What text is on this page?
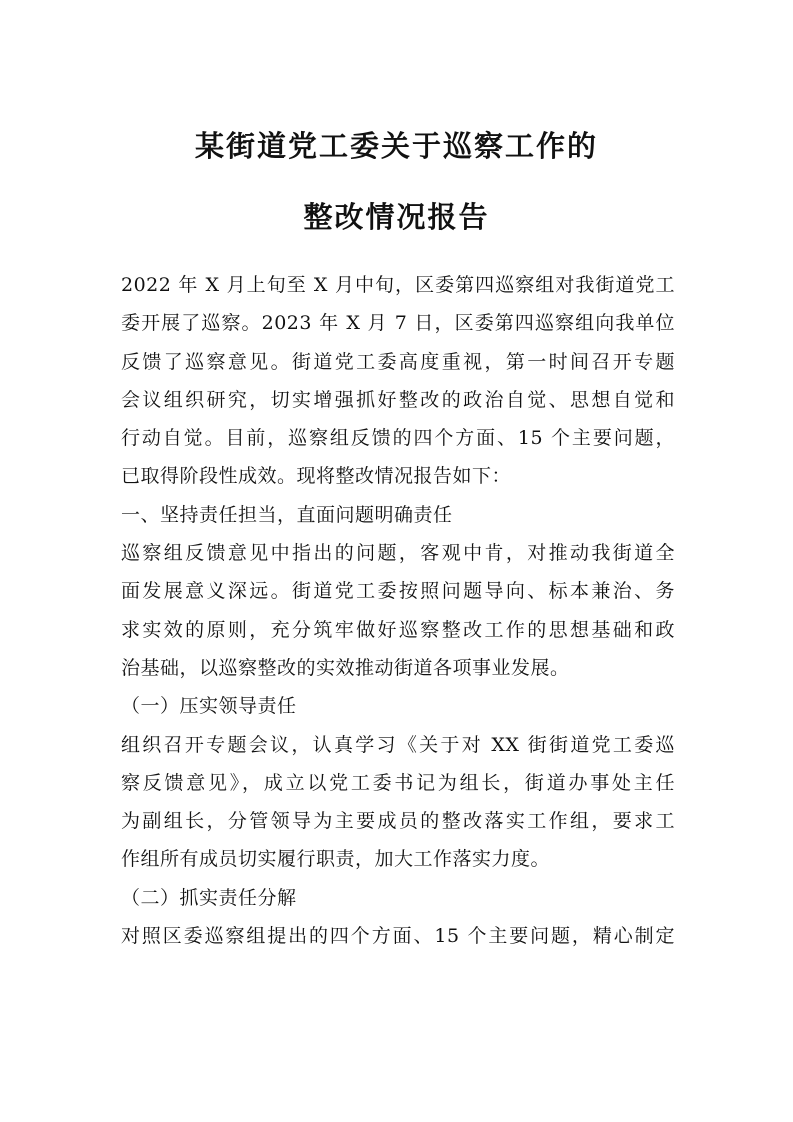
某街道党工委关于巡察工作的
整改情况报告
2022 年 X 月上旬至 X 月中旬，区委第四巡察组对我街道党工
委开展了巡察。2023 年 X 月 7 日，区委第四巡察组向我单位
反馈了巡察意见。街道党工委高度重视，第一时间召开专题
会议组织研究，切实增强抓好整改的政治自觉、思想自觉和
行动自觉。目前，巡察组反馈的四个方面、15 个主要问题，
已取得阶段性成效。现将整改情况报告如下：
一、坚持责任担当，直面问题明确责任
巡察组反馈意见中指出的问题，客观中肯，对推动我街道全
面发展意义深远。街道党工委按照问题导向、标本兼治、务
求实效的原则，充分筑牢做好巡察整改工作的思想基础和政
治基础，以巡察整改的实效推动街道各项事业发展。
（一）压实领导责任
组织召开专题会议，认真学习《关于对 XX 街街道党工委巡
察反馈意见》，成立以党工委书记为组长，街道办事处主任
为副组长，分管领导为主要成员的整改落实工作组，要求工
作组所有成员切实履行职责，加大工作落实力度。
（二）抓实责任分解
对照区委巡察组提出的四个方面、15 个主要问题，精心制定
